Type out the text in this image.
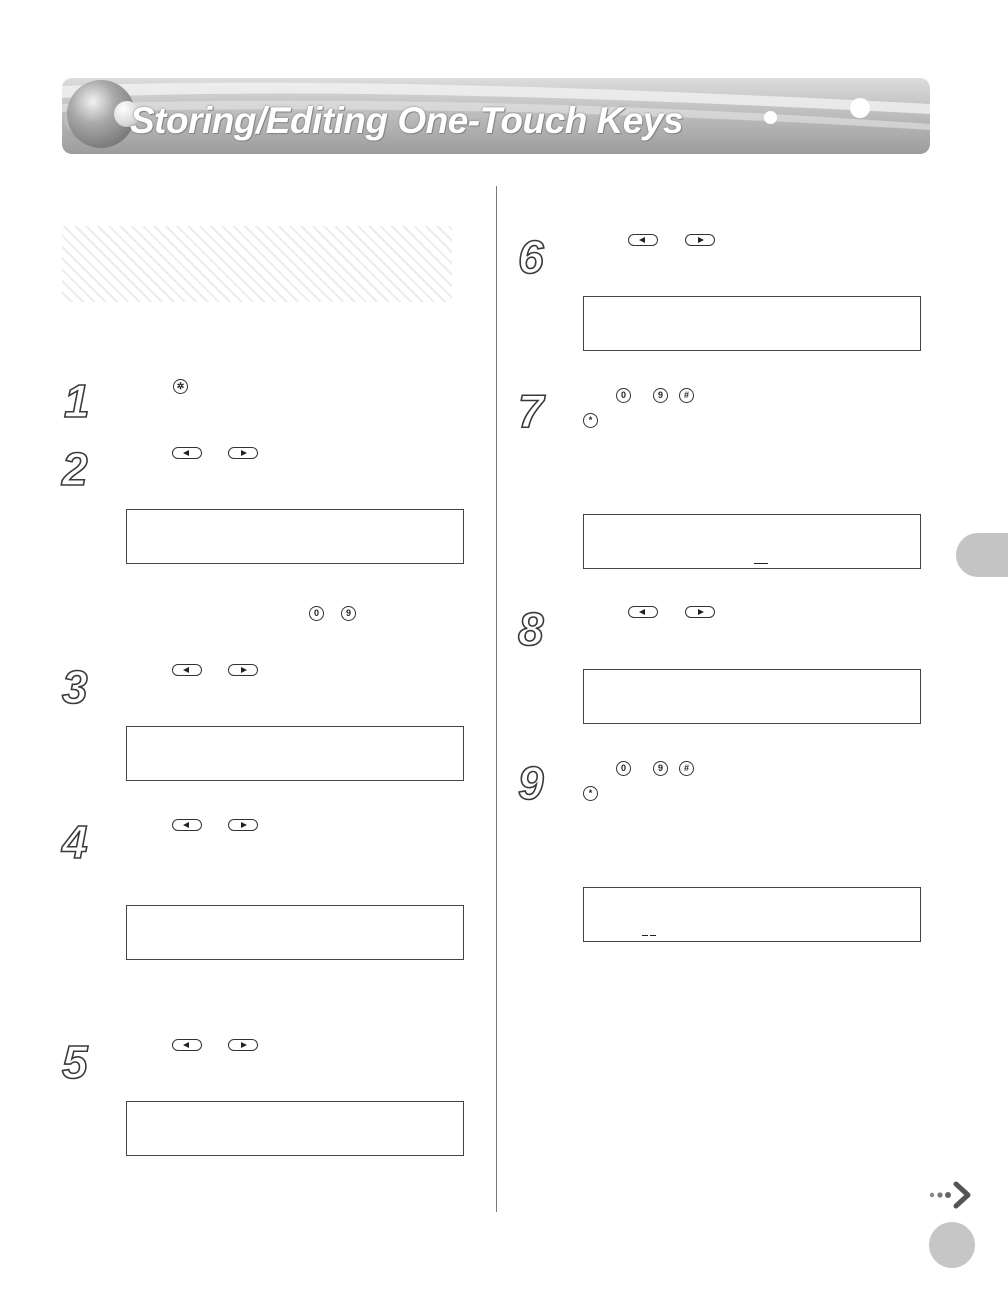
Storing/Editing One-Touch Keys
1	✲
2
0	9
3
4
5
6
7	0	9	#
*
8
9	0	9	#
*
